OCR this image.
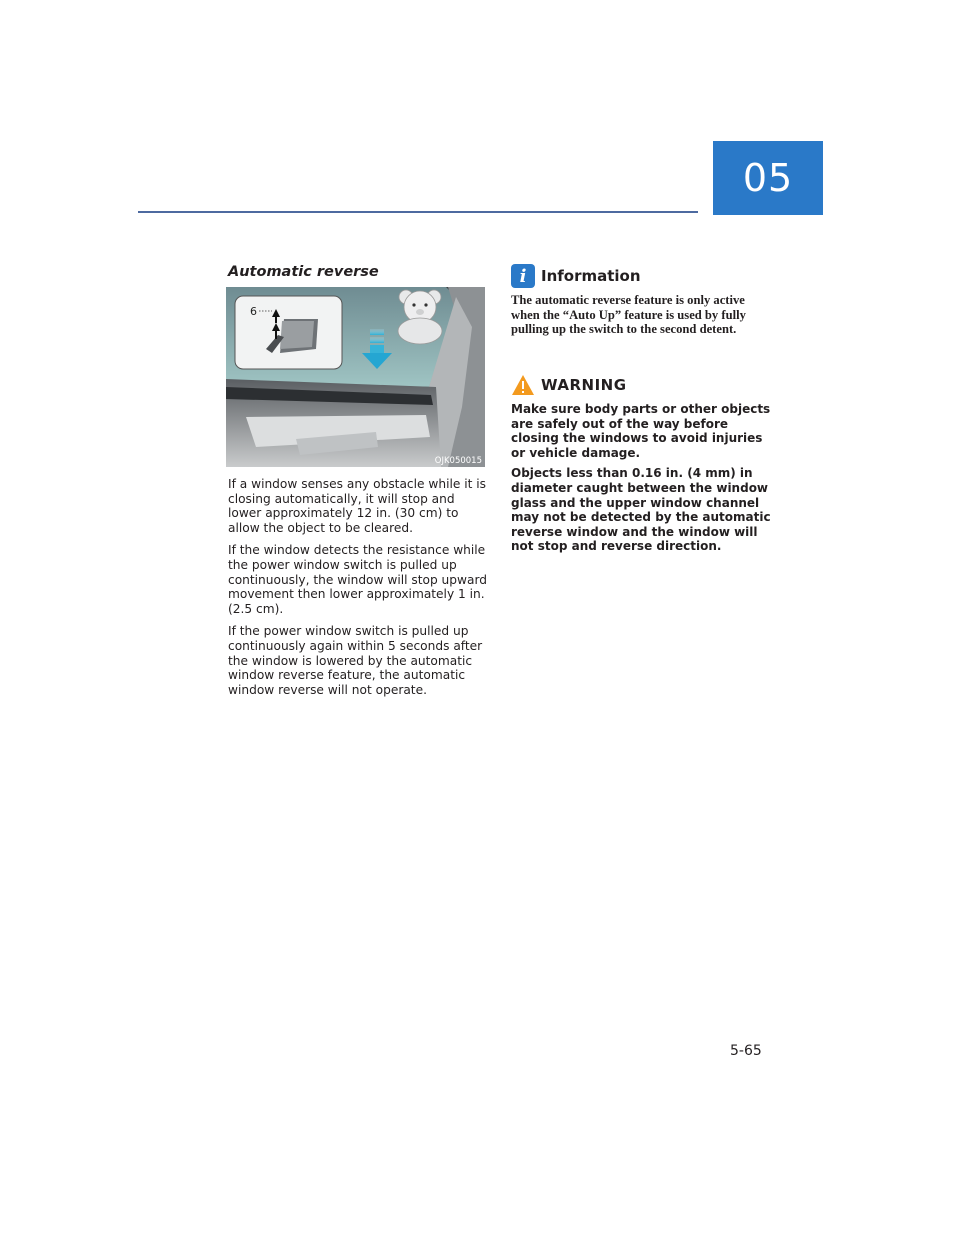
05
Automatic reverse
6
OJK050015

If a window senses any obstacle while it is closing automatically, it will stop and lower approximately 12 in. (30 cm) to allow the object to be cleared.

If the window detects the resistance while the power window switch is pulled up continuously, the window will stop upward movement then lower approximately 1 in. (2.5 cm).

If the power window switch is pulled up continuously again within 5 seconds after the window is lowered by the automatic window reverse feature, the automatic window reverse will not operate.

i Information
The automatic reverse feature is only active when the “Auto Up” feature is used by fully pulling up the switch to the second detent.
WARNING

Make sure body parts or other objects are safely out of the way before closing the windows to avoid injuries or vehicle damage.

Objects less than 0.16 in. (4 mm) in diameter caught between the window glass and the upper window channel may not be detected by the automatic reverse window and the window will not stop and reverse direction.

5-65
